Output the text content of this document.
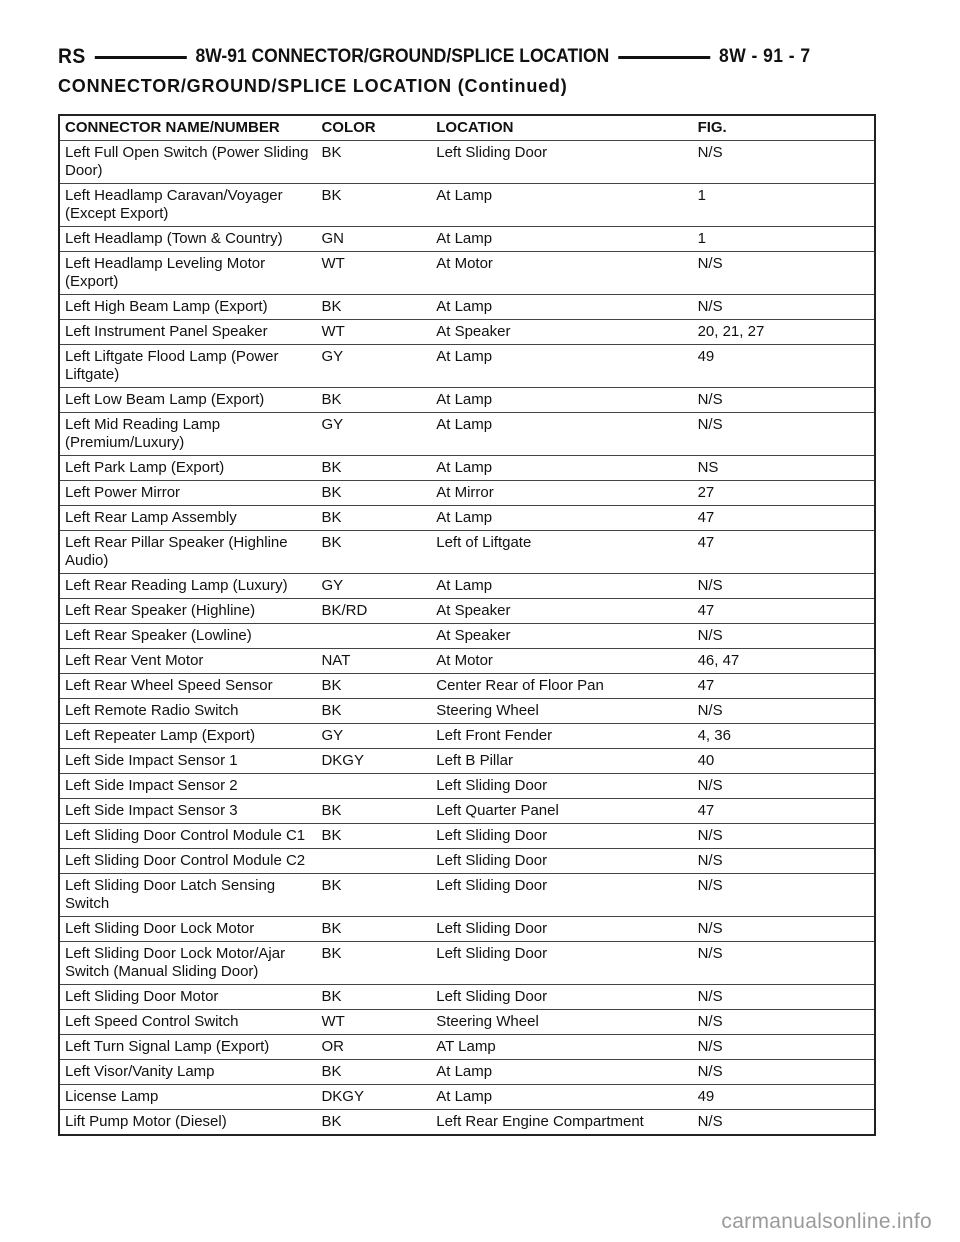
RS	8W-91 CONNECTOR/GROUND/SPLICE LOCATION	8W - 91 - 7
CONNECTOR/GROUND/SPLICE LOCATION (Continued)
CONNECTOR NAME/NUMBER	COLOR	LOCATION	FIG.
Left Full Open Switch (Power Sliding Door)	BK	Left Sliding Door	N/S
Left Headlamp Caravan/Voyager (Except Export)	BK	At Lamp	1
Left Headlamp (Town & Country)	GN	At Lamp	1
Left Headlamp Leveling Motor (Export)	WT	At Motor	N/S
Left High Beam Lamp (Export)	BK	At Lamp	N/S
Left Instrument Panel Speaker	WT	At Speaker	20, 21, 27
Left Liftgate Flood Lamp (Power Liftgate)	GY	At Lamp	49
Left Low Beam Lamp (Export)	BK	At Lamp	N/S
Left Mid Reading Lamp (Premium/Luxury)	GY	At Lamp	N/S
Left Park Lamp (Export)	BK	At Lamp	NS
Left Power Mirror	BK	At Mirror	27
Left Rear Lamp Assembly	BK	At Lamp	47
Left Rear Pillar Speaker (Highline Audio)	BK	Left of Liftgate	47
Left Rear Reading Lamp (Luxury)	GY	At Lamp	N/S
Left Rear Speaker (Highline)	BK/RD	At Speaker	47
Left Rear Speaker (Lowline)		At Speaker	N/S
Left Rear Vent Motor	NAT	At Motor	46, 47
Left Rear Wheel Speed Sensor	BK	Center Rear of Floor Pan	47
Left Remote Radio Switch	BK	Steering Wheel	N/S
Left Repeater Lamp (Export)	GY	Left Front Fender	4, 36
Left Side Impact Sensor 1	DKGY	Left B Pillar	40
Left Side Impact Sensor 2		Left Sliding Door	N/S
Left Side Impact Sensor 3	BK	Left Quarter Panel	47
Left Sliding Door Control Module C1	BK	Left Sliding Door	N/S
Left Sliding Door Control Module C2		Left Sliding Door	N/S
Left Sliding Door Latch Sensing Switch	BK	Left Sliding Door	N/S
Left Sliding Door Lock Motor	BK	Left Sliding Door	N/S
Left Sliding Door Lock Motor/Ajar Switch (Manual Sliding Door)	BK	Left Sliding Door	N/S
Left Sliding Door Motor	BK	Left Sliding Door	N/S
Left Speed Control Switch	WT	Steering Wheel	N/S
Left Turn Signal Lamp (Export)	OR	AT Lamp	N/S
Left Visor/Vanity Lamp	BK	At Lamp	N/S
License Lamp	DKGY	At Lamp	49
Lift Pump Motor (Diesel)	BK	Left Rear Engine Compartment	N/S
carmanualsonline.info
